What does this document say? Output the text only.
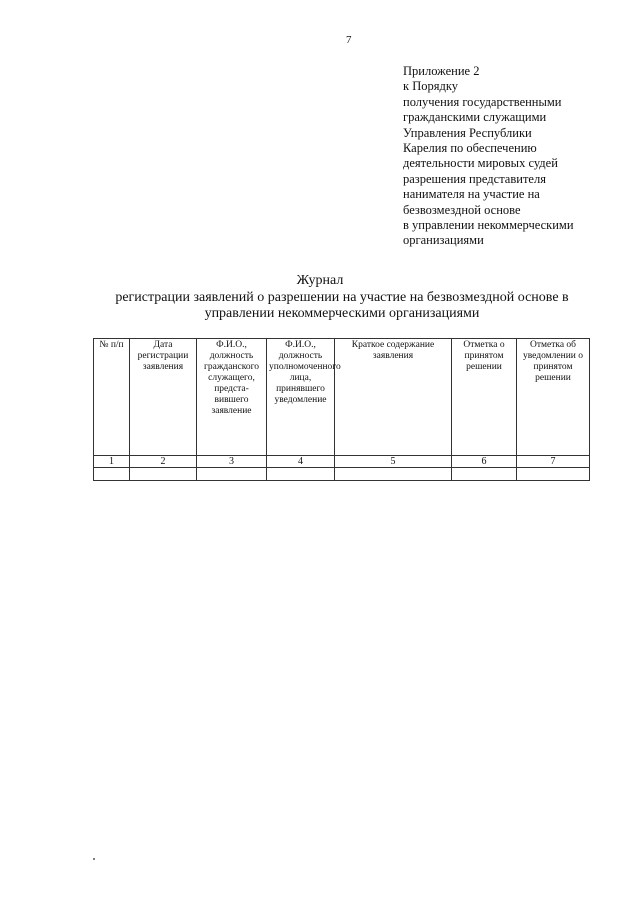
7
Приложение 2
к Порядку
получения государственными
гражданскими служащими
Управления Республики
Карелия по обеспечению
деятельности мировых судей
разрешения представителя
нанимателя на участие на
безвозмездной основе
в управлении некоммерческими
организациями
Журнал
регистрации заявлений о разрешении на участие на безвозмездной основе в управлении некоммерческими организациями
№ п/п	Дата регистрации заявления	Ф.И.О., должность гражданского служащего, предста-вившего заявление	Ф.И.О., должность уполномоченного лица, принявшего уведомление	Краткое содержание заявления	Отметка о принятом решении	Отметка об уведомлении о принятом решении
1	2	3	4	5	6	7
